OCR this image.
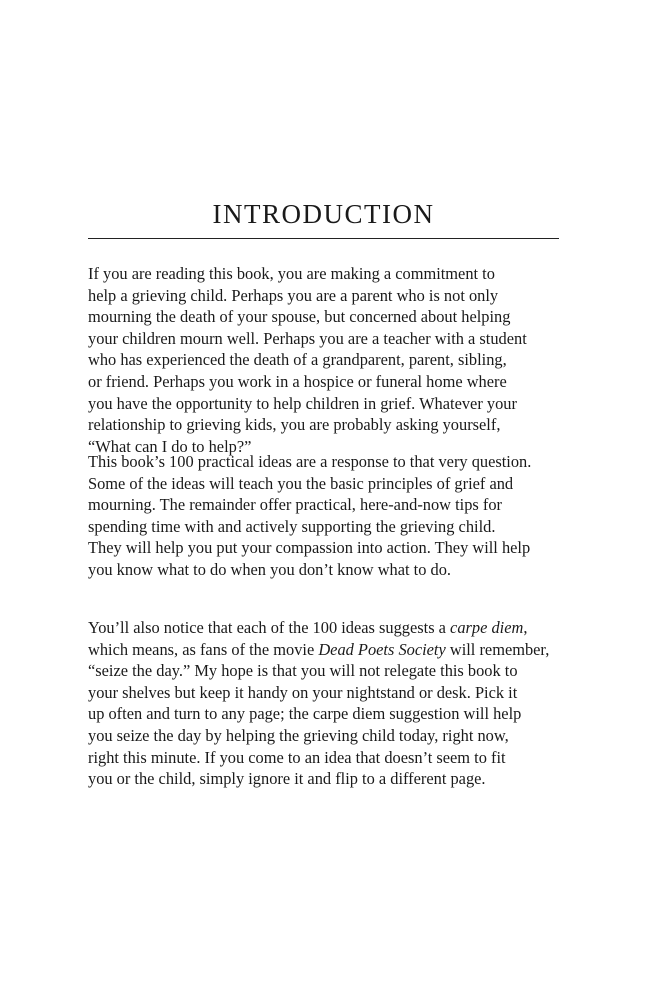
INTRODUCTION

If you are reading this book, you are making a commitment to
help a grieving child. Perhaps you are a parent who is not only
mourning the death of your spouse, but concerned about helping
your children mourn well. Perhaps you are a teacher with a student
who has experienced the death of a grandparent, parent, sibling,
or friend. Perhaps you work in a hospice or funeral home where
you have the opportunity to help children in grief. Whatever your
relationship to grieving kids, you are probably asking yourself,
“What can I do to help?”

This book’s 100 practical ideas are a response to that very question.
Some of the ideas will teach you the basic principles of grief and
mourning. The remainder offer practical, here-and-now tips for
spending time with and actively supporting the grieving child.
They will help you put your compassion into action. They will help
you know what to do when you don’t know what to do.

You’ll also notice that each of the 100 ideas suggests a carpe diem,
which means, as fans of the movie Dead Poets Society will remember,
“seize the day.” My hope is that you will not relegate this book to
your shelves but keep it handy on your nightstand or desk. Pick it
up often and turn to any page; the carpe diem suggestion will help
you seize the day by helping the grieving child today, right now,
right this minute. If you come to an idea that doesn’t seem to fit
you or the child, simply ignore it and flip to a different page.
